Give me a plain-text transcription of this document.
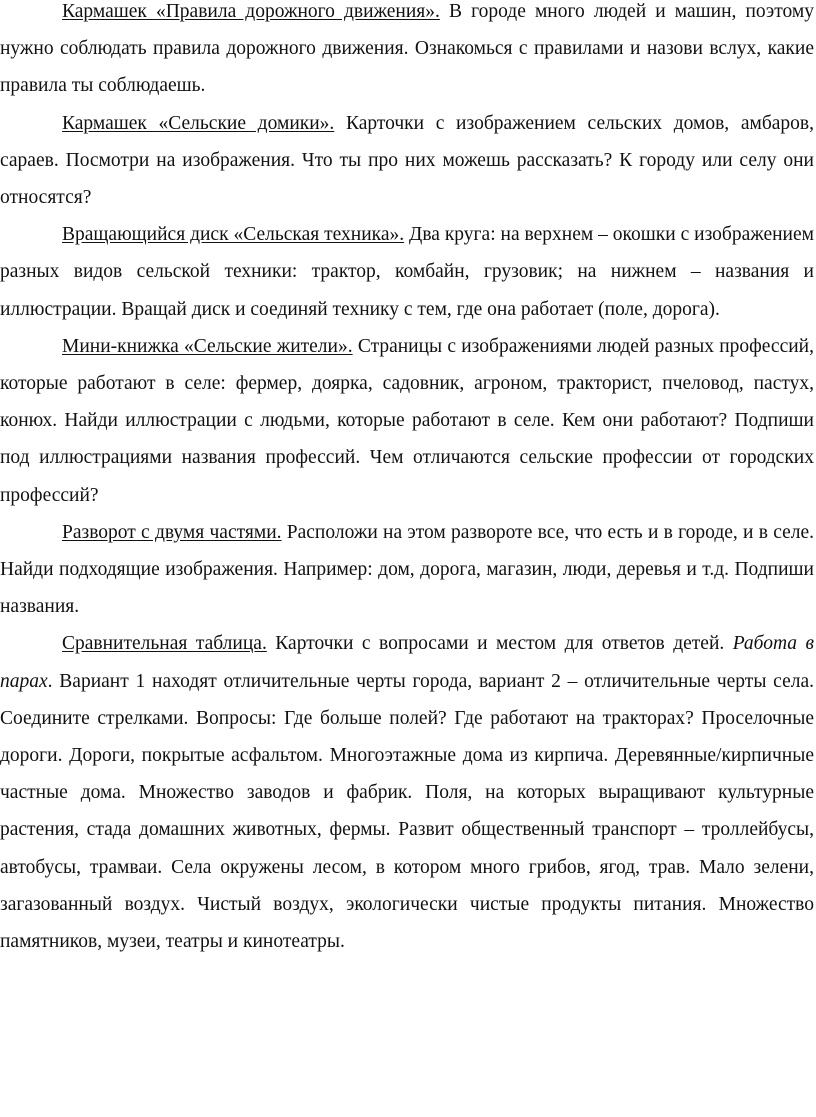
Кармашек «Правила дорожного движения». В городе много людей и машин, поэтому нужно соблюдать правила дорожного движения. Ознакомься с правилами и назови вслух, какие правила ты соблюдаешь.

Кармашек «Сельские домики». Карточки с изображением сельских домов, амбаров, сараев. Посмотри на изображения. Что ты про них можешь рассказать? К городу или селу они относятся?

Вращающийся диск «Сельская техника». Два круга: на верхнем – окошки с изображением разных видов сельской техники: трактор, комбайн, грузовик; на нижнем – названия и иллюстрации. Вращай диск и соединяй технику с тем, где она работает (поле, дорога).

Мини-книжка «Сельские жители». Страницы с изображениями людей разных профессий, которые работают в селе: фермер, доярка, садовник, агроном, тракторист, пчеловод, пастух, конюх. Найди иллюстрации с людьми, которые работают в селе. Кем они работают? Подпиши под иллюстрациями названия профессий. Чем отличаются сельские профессии от городских профессий?

Разворот с двумя частями. Расположи на этом развороте все, что есть и в городе, и в селе. Найди подходящие изображения. Например: дом, дорога, магазин, люди, деревья и т.д. Подпиши названия.

Сравнительная таблица. Карточки с вопросами и местом для ответов детей. Работа в парах. Вариант 1 находят отличительные черты города, вариант 2 – отличительные черты села. Соедините стрелками. Вопросы: Где больше полей? Где работают на тракторах? Проселочные дороги. Дороги, покрытые асфальтом. Многоэтажные дома из кирпича. Деревянные/кирпичные частные дома. Множество заводов и фабрик. Поля, на которых выращивают культурные растения, стада домашних животных, фермы. Развит общественный транспорт – троллейбусы, автобусы, трамваи. Села окружены лесом, в котором много грибов, ягод, трав. Мало зелени, загазованный воздух. Чистый воздух, экологически чистые продукты питания. Множество памятников, музеи, театры и кинотеатры.
